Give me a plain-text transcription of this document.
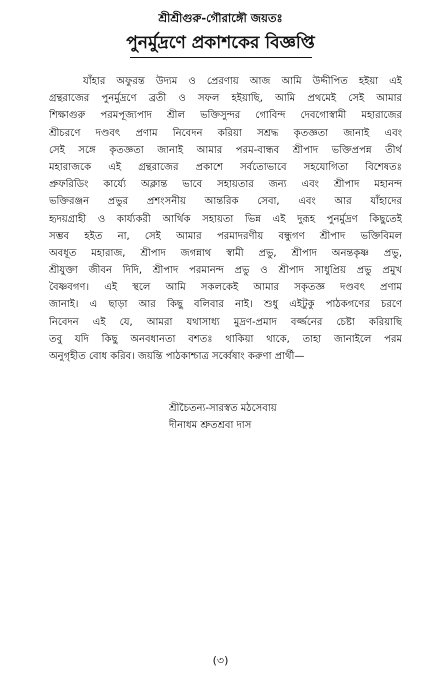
শ্রীশ্রীগুরু-গৌরাঙ্গৌ জয়তঃ
পুনর্মুদ্রণে প্রকাশকের বিজ্ঞপ্তি
যাঁহার অফুরন্ত উদ্যম ও প্রেরণায় আজ আমি উদ্দীপিত হইয়া এই
গ্রন্থরাজের পুনর্মুদ্রণে ব্রতী ও সফল হইয়াছি, আমি প্রথমেই সেই আমার
শিক্ষাগুরু পরমপূজ্যপাদ শ্রীল ভক্তিসুন্দর গোবিন্দ দেবগোস্বামী মহারাজের
শ্রীচরণে দণ্ডবৎ প্রণাম নিবেদন করিয়া সশ্রদ্ধ কৃতজ্ঞতা জানাই এবং
সেই সঙ্গে কৃতজ্ঞতা জানাই আমার পরম-বান্ধব শ্রীপাদ ভক্তিপ্রপন্ন তীর্থ
মহারাজকে এই গ্রন্থরাজের প্রকাশে সর্বতোভাবে সহযোগিতা বিশেষতঃ
প্রুফরিডিং কার্য্যে অক্লান্ত ভাবে সহায়তার জন্য এবং শ্রীপাদ মহানন্দ
ভক্তিরঞ্জন প্রভুর প্রশংসনীয় আন্তরিক সেবা, এবং আর যাঁহাদের
হৃদয়গ্রাহী ও কার্য্যকরী আর্থিক সহায়তা ভিন্ন এই দুরূহ পুনর্মুদ্রণ কিছুতেই
সম্ভব হইত না, সেই আমার পরমাদরণীয় বন্ধুগণ শ্রীপাদ ভক্তিবিমল
অবধূত মহারাজ, শ্রীপাদ জগন্নাথ স্বামী প্রভু, শ্রীপাদ অনন্তকৃষ্ণ প্রভু,
শ্রীযুক্তা জীবন দিদি, শ্রীপাদ পরমানন্দ প্রভু ও শ্রীপাদ সাধুপ্রিয় প্রভু প্রমুখ
বৈষ্ণবগণ। এই স্থলে আমি সকলকেই আমার সকৃতজ্ঞ দণ্ডবৎ প্রণাম
জানাই। এ ছাড়া আর কিছু বলিবার নাই। শুধু এইটুকু পাঠকগণের চরণে
নিবেদন এই যে, আমরা যথাসাধ্য মুদ্রণ-প্রমাদ বর্জ্জনের চেষ্টা করিয়াছি
তবু যদি কিছু অনবধানতা বশতঃ থাকিয়া থাকে, তাহা জানাইলে পরম
অনুগৃহীত বোধ করিব। জয়ন্তি পাঠকাশ্চাত্র সর্ব্বেষাং করুণা প্রার্থী—
শ্রীচৈতন্য-সারস্বত মঠসেবায়
দীনাধম শ্রুতশ্রবা দাস
(৩)
